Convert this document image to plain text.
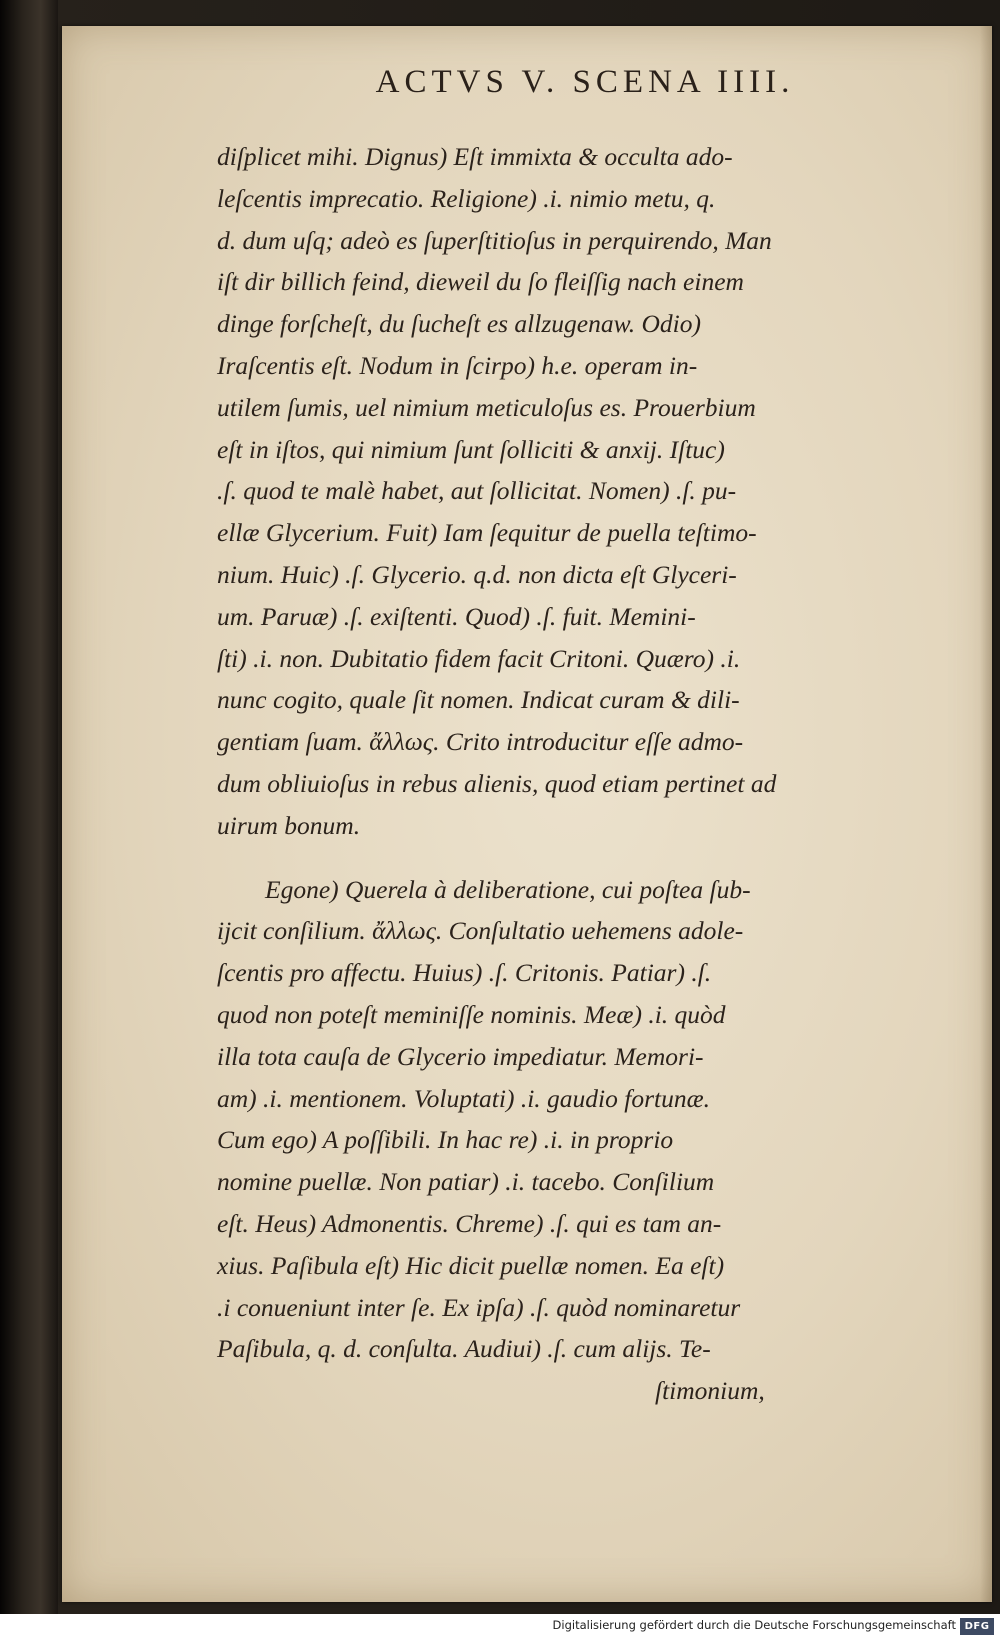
ACTVS V. SCENA IIII.
diſplicet mihi. Dignus) Eſt immixta & occulta ado-
leſcentis imprecatio. Religione) .i. nimio metu, q.
d. dum uſq; adeò es ſuperſtitioſus in perquirendo, Man
iſt dir billich feind, dieweil du ſo fleiſſig nach einem
dinge forſcheſt, du ſucheſt es allzugenaw. Odio)
Iraſcentis eſt. Nodum in ſcirpo) h.e. operam in-
utilem ſumis, uel nimium meticuloſus es. Prouerbium
eſt in iſtos, qui nimium ſunt ſolliciti & anxij. Iſtuc)
.ſ. quod te malè habet, aut ſollicitat. Nomen) .ſ. pu-
ellæ Glycerium. Fuit) Iam ſequitur de puella teſtimo-
nium. Huic) .ſ. Glycerio. q.d. non dicta eſt Glyceri-
um. Paruæ) .ſ. exiſtenti. Quod) .ſ. fuit. Memini-
ſti) .i. non. Dubitatio fidem facit Critoni. Quæro) .i.
nunc cogito, quale ſit nomen. Indicat curam & dili-
gentiam ſuam. ἄλλως. Crito introducitur eſſe admo-
dum obliuioſus in rebus alienis, quod etiam pertinet ad
uirum bonum.
Egone) Querela à deliberatione, cui poſtea ſub-
ijcit conſilium. ἄλλως. Conſultatio uehemens adole-
ſcentis pro affectu. Huius) .ſ. Critonis. Patiar) .ſ.
quod non poteſt meminiſſe nominis. Meæ) .i. quòd
illa tota cauſa de Glycerio impediatur. Memori-
am) .i. mentionem. Voluptati) .i. gaudio fortunæ.
Cum ego) A poſſibili. In hac re) .i. in proprio
nomine puellæ. Non patiar) .i. tacebo. Conſilium
eſt. Heus) Admonentis. Chreme) .ſ. qui es tam an-
xius. Paſibula eſt) Hic dicit puellæ nomen. Ea eſt)
.i conueniunt inter ſe. Ex ipſa) .ſ. quòd nominaretur
Paſibula, q. d. conſulta. Audiui) .ſ. cum alijs. Te-
ſtimonium,
Digitalisierung gefördert durch die Deutsche Forschungsgemeinschaft DFG
